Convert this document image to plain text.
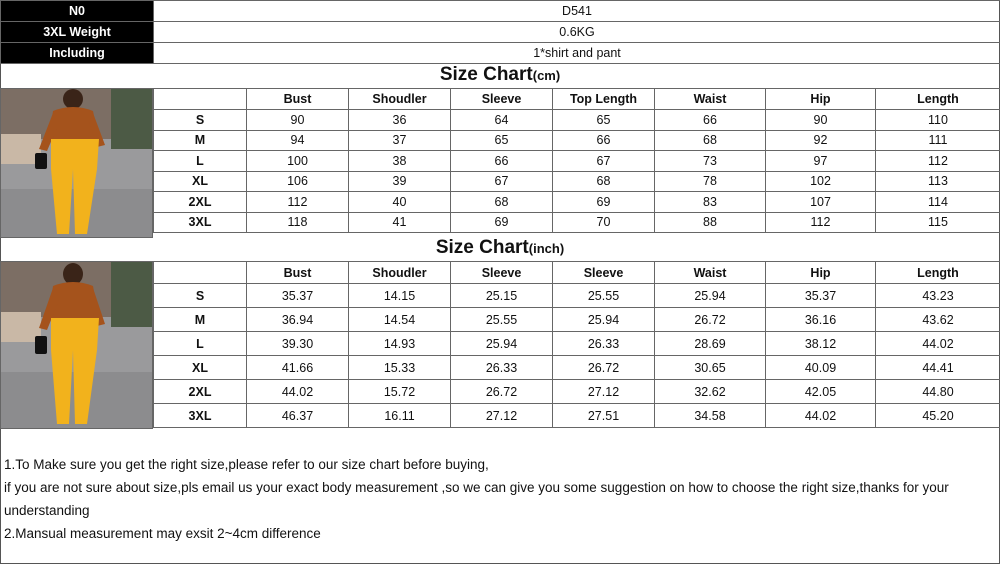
N0	D541
3XL Weight	0.6KG
Including	1*shirt and pant
Size Chart(cm)
	Bust	Shoudler	Sleeve	Top Length	Waist	Hip	Length
S	90	36	64	65	66	90	110
M	94	37	65	66	68	92	111
L	100	38	66	67	73	97	112
XL	106	39	67	68	78	102	113
2XL	112	40	68	69	83	107	114
3XL	118	41	69	70	88	112	115
Size Chart(inch)
	Bust	Shoudler	Sleeve	Sleeve	Waist	Hip	Length
S	35.37	14.15	25.15	25.55	25.94	35.37	43.23
M	36.94	14.54	25.55	25.94	26.72	36.16	43.62
L	39.30	14.93	25.94	26.33	28.69	38.12	44.02
XL	41.66	15.33	26.33	26.72	30.65	40.09	44.41
2XL	44.02	15.72	26.72	27.12	32.62	42.05	44.80
3XL	46.37	16.11	27.12	27.51	34.58	44.02	45.20
1.To Make sure you get the right size,please refer to our size chart before buying,
if you are not sure about size,pls email us your exact body measurement ,so we can give you some suggestion on how to choose the right size,thanks for your understanding
2.Mansual measurement may exsit 2~4cm difference
